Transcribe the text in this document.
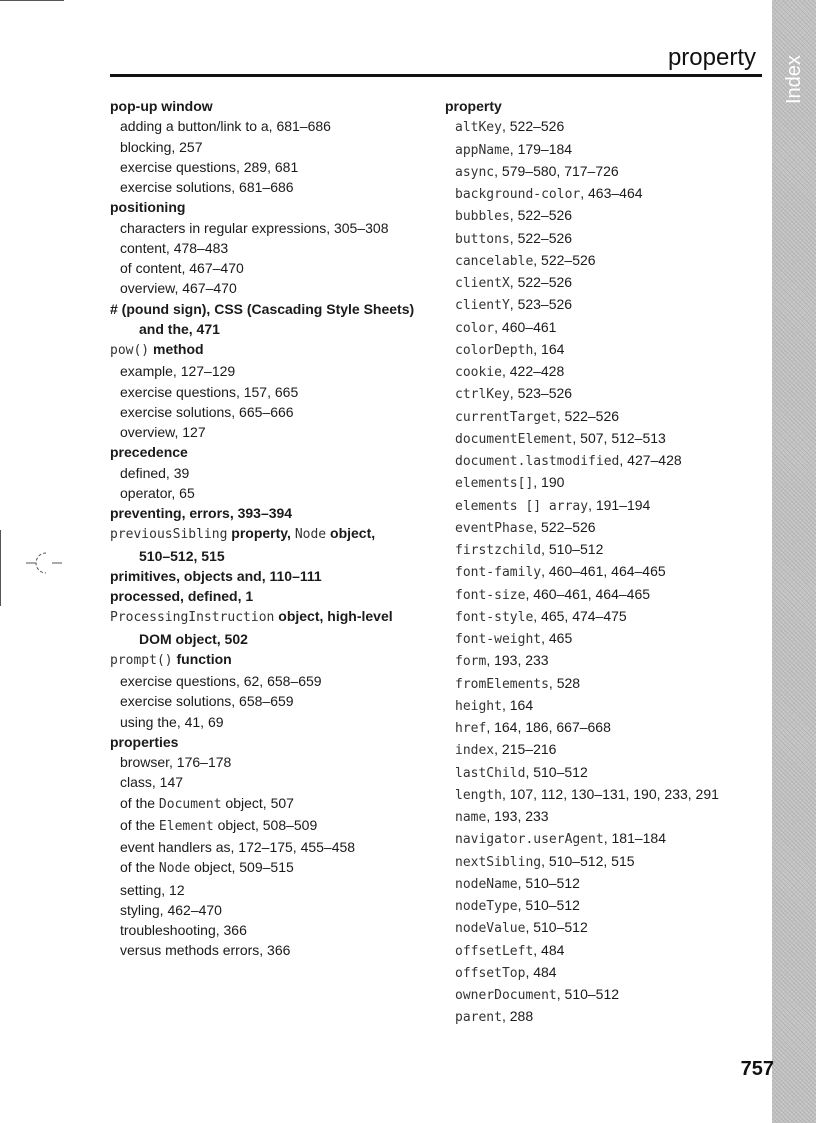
Index
property
pop-up window
adding a button/link to a, 681–686
blocking, 257
exercise questions, 289, 681
exercise solutions, 681–686
positioning
characters in regular expressions, 305–308
content, 478–483
of content, 467–470
overview, 467–470
# (pound sign), CSS (Cascading Style Sheets)
and the, 471
pow() method
example, 127–129
exercise questions, 157, 665
exercise solutions, 665–666
overview, 127
precedence
defined, 39
operator, 65
preventing, errors, 393–394
previousSibling property, Node object,
510–512, 515
primitives, objects and, 110–111
processed, defined, 1
ProcessingInstruction object, high-level
DOM object, 502
prompt() function
exercise questions, 62, 658–659
exercise solutions, 658–659
using the, 41, 69
properties
browser, 176–178
class, 147
of the Document object, 507
of the Element object, 508–509
event handlers as, 172–175, 455–458
of the Node object, 509–515
setting, 12
styling, 462–470
troubleshooting, 366
versus methods errors, 366
property
altKey, 522–526
appName, 179–184
async, 579–580, 717–726
background-color, 463–464
bubbles, 522–526
buttons, 522–526
cancelable, 522–526
clientX, 522–526
clientY, 523–526
color, 460–461
colorDepth, 164
cookie, 422–428
ctrlKey, 523–526
currentTarget, 522–526
documentElement, 507, 512–513
document.lastmodified, 427–428
elements[], 190
elements [] array, 191–194
eventPhase, 522–526
firstzchild, 510–512
font-family, 460–461, 464–465
font-size, 460–461, 464–465
font-style, 465, 474–475
font-weight, 465
form, 193, 233
fromElements, 528
height, 164
href, 164, 186, 667–668
index, 215–216
lastChild, 510–512
length, 107, 112, 130–131, 190, 233, 291
name, 193, 233
navigator.userAgent, 181–184
nextSibling, 510–512, 515
nodeName, 510–512
nodeType, 510–512
nodeValue, 510–512
offsetLeft, 484
offsetTop, 484
ownerDocument, 510–512
parent, 288
757
